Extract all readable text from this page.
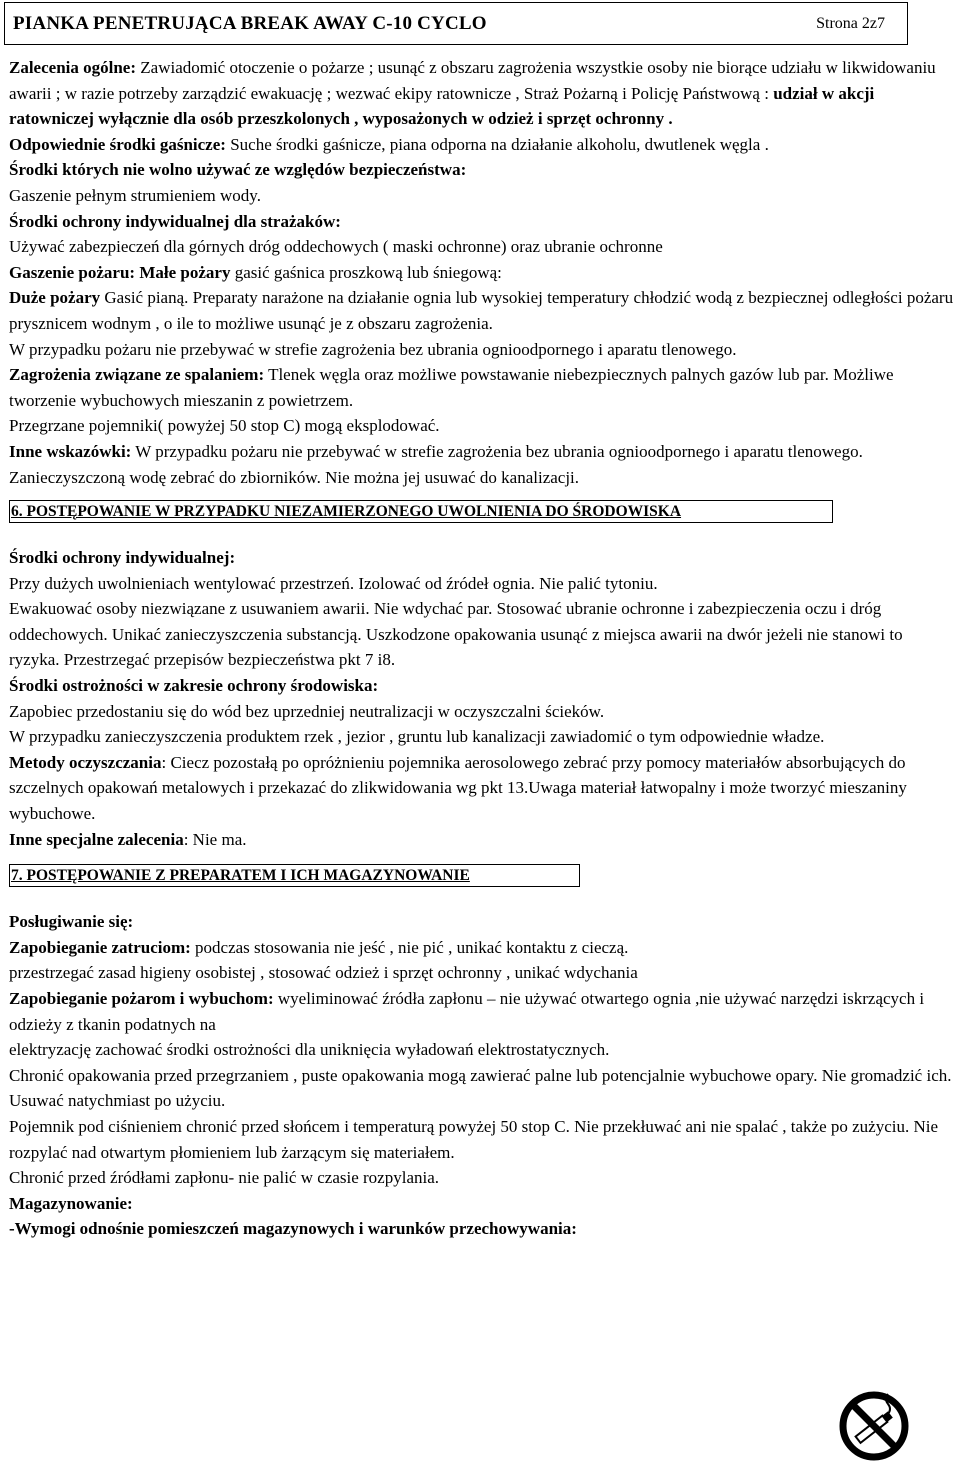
PIANKA PENETRUJĄCA BREAK AWAY C-10 CYCLO	Strona 2z7

Zalecenia ogólne: Zawiadomić otoczenie o pożarze ; usunąć z obszaru zagrożenia wszystkie osoby nie biorące udziału w likwidowaniu awarii ; w razie potrzeby zarządzić ewakuację ; wezwać ekipy ratownicze , Straż Pożarną i Policję Państwową : udział w akcji ratowniczej wyłącznie dla osób przeszkolonych , wyposażonych w odzież i sprzęt ochronny .

Odpowiednie środki gaśnicze: Suche środki gaśnicze, piana odporna na działanie alkoholu, dwutlenek węgla .

Środki których nie wolno używać ze względów bezpieczeństwa:

Gaszenie pełnym strumieniem wody.

Środki ochrony indywidualnej dla strażaków:

Używać zabezpieczeń dla górnych dróg oddechowych ( maski ochronne) oraz ubranie ochronne

Gaszenie pożaru: Małe pożary gasić gaśnica proszkową lub śniegową:

Duże pożary Gasić pianą. Preparaty narażone na działanie ognia lub wysokiej temperatury chłodzić wodą z bezpiecznej odległości pożaru prysznicem wodnym , o ile to możliwe usunąć je z obszaru zagrożenia.

W przypadku pożaru nie przebywać w strefie zagrożenia bez ubrania ognioodpornego i aparatu tlenowego.

Zagrożenia związane ze spalaniem: Tlenek węgla oraz możliwe powstawanie niebezpiecznych palnych gazów lub par. Możliwe tworzenie wybuchowych mieszanin z powietrzem.

Przegrzane pojemniki( powyżej 50 stop C) mogą eksplodować.

Inne wskazówki: W przypadku pożaru nie przebywać w strefie zagrożenia bez ubrania ognioodpornego i aparatu tlenowego. Zanieczyszczoną wodę zebrać do zbiorników. Nie można jej usuwać do kanalizacji.

6. POSTĘPOWANIE W PRZYPADKU NIEZAMIERZONEGO UWOLNIENIA DO ŚRODOWISKA

Środki ochrony indywidualnej:

Przy dużych uwolnieniach wentylować przestrzeń. Izolować od źródeł ognia. Nie palić tytoniu.

Ewakuować osoby niezwiązane z usuwaniem awarii. Nie wdychać par. Stosować ubranie ochronne i zabezpieczenia oczu i dróg oddechowych. Unikać zanieczyszczenia substancją. Uszkodzone opakowania usunąć z miejsca awarii na dwór jeżeli nie stanowi to ryzyka. Przestrzegać przepisów bezpieczeństwa pkt 7 i8.

Środki ostrożności w zakresie ochrony środowiska:

Zapobiec przedostaniu się do wód bez uprzedniej neutralizacji w oczyszczalni ścieków.

W przypadku zanieczyszczenia produktem rzek , jezior , gruntu lub kanalizacji zawiadomić o tym odpowiednie władze.

Metody oczyszczania: Ciecz pozostałą po opróżnieniu pojemnika aerosolowego zebrać przy pomocy materiałów absorbujących do szczelnych opakowań metalowych i przekazać do zlikwidowania wg pkt 13.Uwaga materiał łatwopalny i może tworzyć mieszaniny wybuchowe.

Inne specjalne zalecenia: Nie ma.

7. POSTĘPOWANIE Z PREPARATEM I ICH MAGAZYNOWANIE

Posługiwanie się:

Zapobieganie zatruciom: podczas stosowania nie jeść , nie pić , unikać kontaktu z cieczą.

przestrzegać zasad higieny osobistej , stosować odzież i sprzęt ochronny , unikać wdychania

Zapobieganie pożarom i wybuchom: wyeliminować źródła zapłonu – nie używać otwartego ognia ,nie używać narzędzi iskrzących i odzieży z tkanin podatnych na

elektryzację zachować środki ostrożności dla uniknięcia wyładowań elektrostatycznych.

Chronić opakowania przed przegrzaniem , puste opakowania mogą zawierać palne lub potencjalnie wybuchowe opary. Nie gromadzić ich. Usuwać natychmiast po użyciu.

Pojemnik pod ciśnieniem chronić przed słońcem i temperaturą powyżej 50 stop C. Nie przekłuwać ani nie spalać , także po zużyciu. Nie rozpylać nad otwartym płomieniem lub żarzącym się materiałem.

Chronić przed źródłami zapłonu- nie palić w czasie rozpylania.

Magazynowanie:

-Wymogi odnośnie pomieszczeń magazynowych i warunków przechowywania:
